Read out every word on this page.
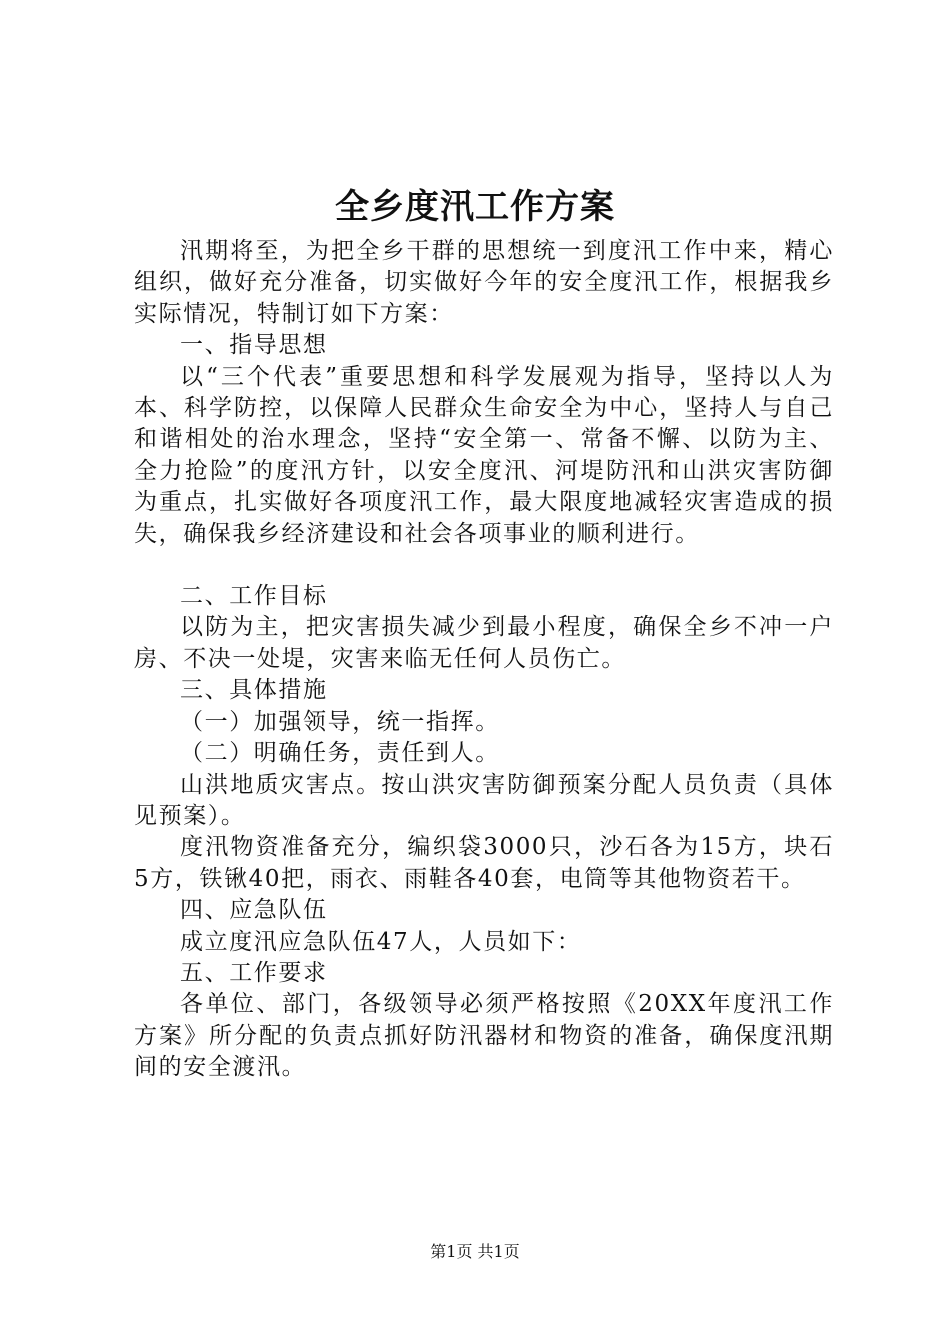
全乡度汛工作方案

汛期将至，为把全乡干群的思想统一到度汛工作中来，精心组织，做好充分准备，切实做好今年的安全度汛工作，根据我乡实际情况，特制订如下方案：

一、指导思想

以“三个代表”重要思想和科学发展观为指导，坚持以人为本、科学防控，以保障人民群众生命安全为中心，坚持人与自己和谐相处的治水理念，坚持“安全第一、常备不懈、以防为主、全力抢险”的度汛方针，以安全度汛、河堤防汛和山洪灾害防御为重点，扎实做好各项度汛工作，最大限度地减轻灾害造成的损失，确保我乡经济建设和社会各项事业的顺利进行。

二、工作目标

以防为主，把灾害损失减少到最小程度，确保全乡不冲一户房、不决一处堤，灾害来临无任何人员伤亡。

三、具体措施

（一）加强领导，统一指挥。

（二）明确任务，责任到人。

山洪地质灾害点。按山洪灾害防御预案分配人员负责（具体见预案）。

度汛物资准备充分，编织袋3000只，沙石各为15方，块石5方，铁锹40把，雨衣、雨鞋各40套，电筒等其他物资若干。

四、应急队伍

成立度汛应急队伍47人，人员如下：

五、工作要求

各单位、部门，各级领导必须严格按照《20XX年度汛工作方案》所分配的负责点抓好防汛器材和物资的准备，确保度汛期间的安全渡汛。

第1页 共1页
